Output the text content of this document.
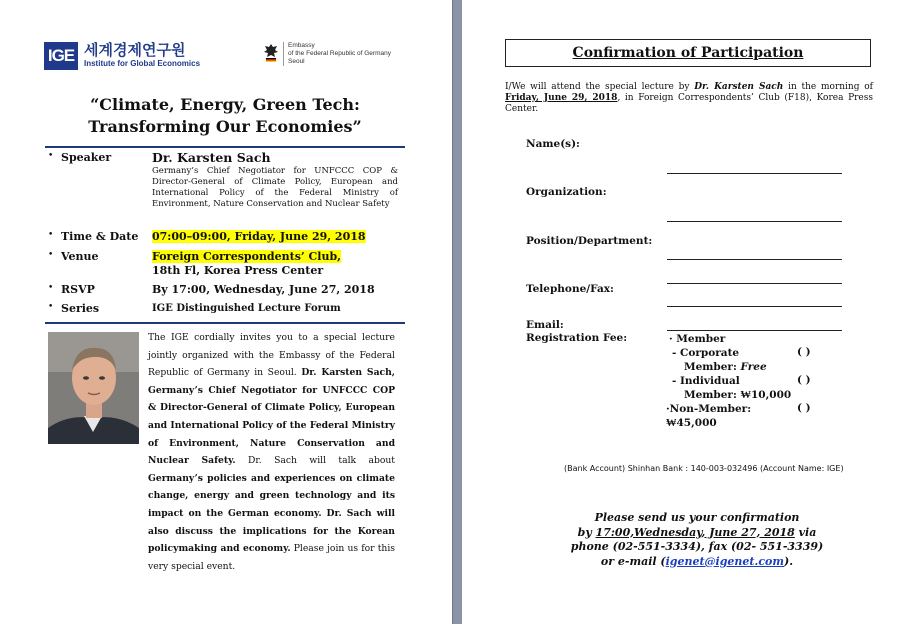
IGE 세계경제연구원
Institute for Global Economics
Embassy
of the Federal Republic of Germany
Seoul
“Climate, Energy, Green Tech:
Transforming Our Economies”
• Speaker	Dr. Karsten Sach
Germany’s Chief Negotiator for UNFCCC COP & Director-General of Climate Policy, European and International Policy of the Federal Ministry of Environment, Nature Conservation and Nuclear Safety
• Time & Date 07:00–09:00, Friday, June 29, 2018
• Venue	Foreign Correspondents’ Club,
18th Fl, Korea Press Center
• RSVP	By 17:00, Wednesday, June 27, 2018
• Series	IGE Distinguished Lecture Forum
The IGE cordially invites you to a special lecture jointly organized with the Embassy of the Federal Republic of Germany in Seoul. Dr. Karsten Sach, Germany’s Chief Negotiator for UNFCCC COP & Director-General of Climate Policy, European and International Policy of the Federal Ministry of Environment, Nature Conservation and Nuclear Safety. Dr. Sach will talk about Germany’s policies and experiences on climate change, energy and green technology and its impact on the German economy. Dr. Sach will also discuss the implications for the Korean policymaking and economy. Please join us for this very special event.
Confirmation of Participation
I/We will attend the special lecture by Dr. Karsten Sach in the morning of Friday, June 29, 2018, in Foreign Correspondents’ Club (F18), Korea Press Center.
Name(s):
Organization:
Position/Department:
Telephone/Fax:
Email:
Registration Fee:	· Member
- Corporate
Member: Free
( )
- Individual
Member: ₩10,000
( )
·Non-Member:
₩45,000
( )
(Bank Account) Shinhan Bank : 140-003-032496 (Account Name: IGE)
Please send us your confirmation
by 17:00,Wednesday, June 27, 2018 via
phone (02-551-3334), fax (02- 551-3339)
or e-mail (igenet@igenet.com).
